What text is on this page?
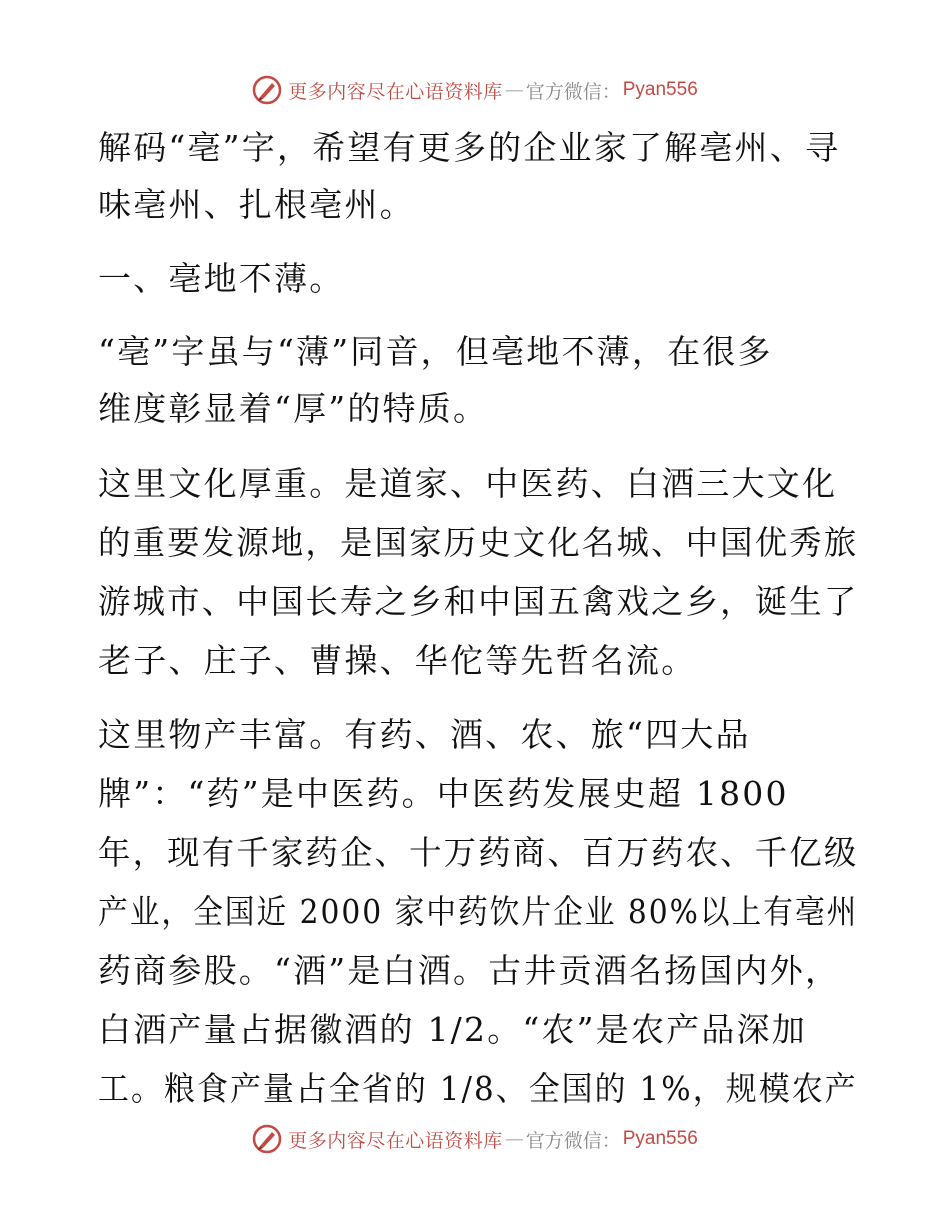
更多内容尽在心语资料库 — 官方微信： Pyan556
解码“亳”字，希望有更多的企业家了解亳州、寻
味亳州、扎根亳州。
一、亳地不薄。
“亳”字虽与“薄”同音，但亳地不薄，在很多
维度彰显着“厚”的特质。
这里文化厚重。是道家、中医药、白酒三大文化
的重要发源地，是国家历史文化名城、中国优秀旅
游城市、中国长寿之乡和中国五禽戏之乡，诞生了
老子、庄子、曹操、华佗等先哲名流。
这里物产丰富。有药、酒、农、旅“四大品
牌”：“药”是中医药。中医药发展史超 1800
年，现有千家药企、十万药商、百万药农、千亿级
产业，全国近 2000 家中药饮片企业 80%以上有亳州
药商参股。“酒”是白酒。古井贡酒名扬国内外，
白酒产量占据徽酒的 1/2。“农”是农产品深加
工。粮食产量占全省的 1/8、全国的 1%，规模农产
更多内容尽在心语资料库 — 官方微信： Pyan556
